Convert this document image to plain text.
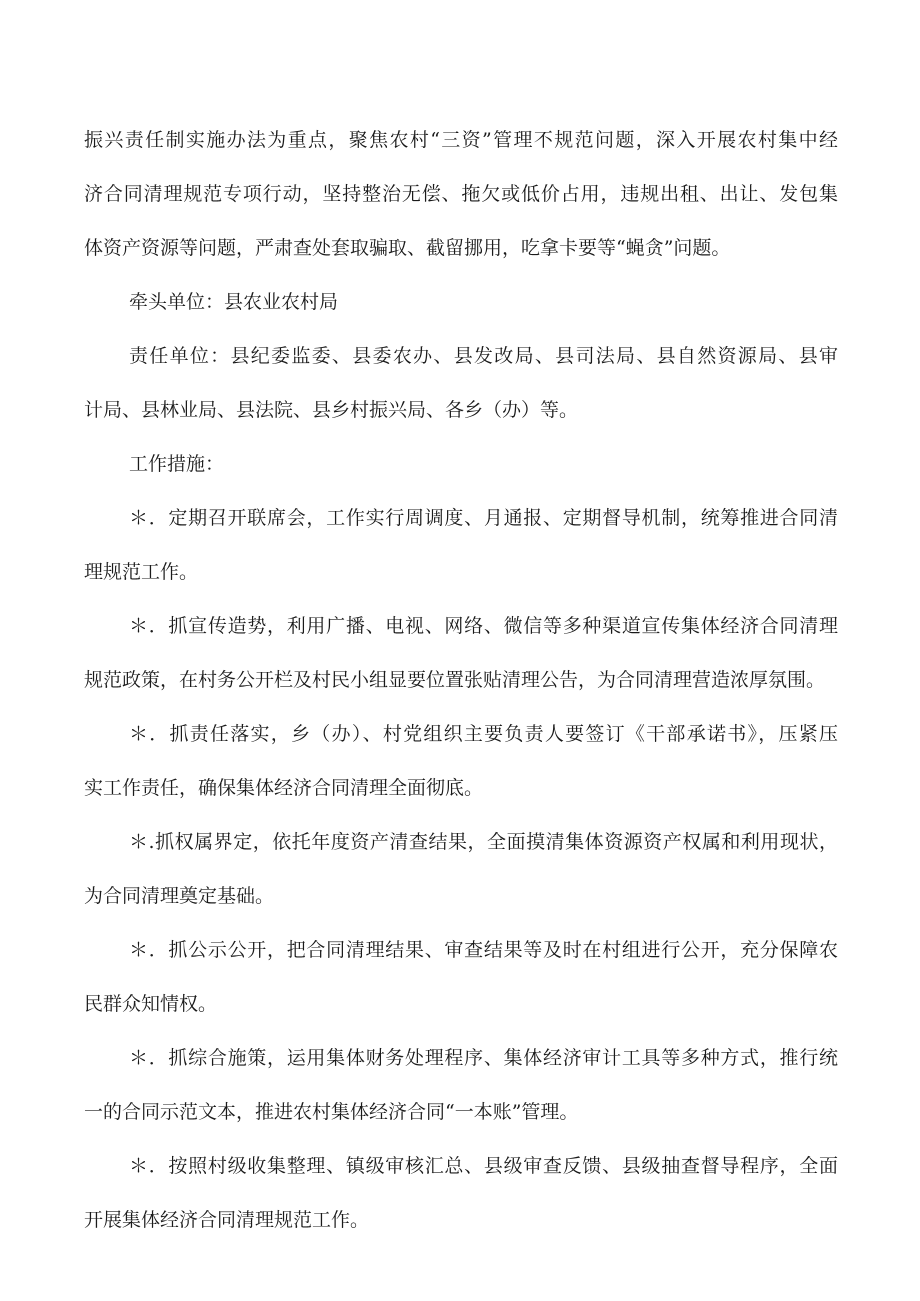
振兴责任制实施办法为重点，聚焦农村“三资”管理不规范问题，深入开展农村集中经
济合同清理规范专项行动，坚持整治无偿、拖欠或低价占用，违规出租、出让、发包集
体资产资源等问题，严肃查处套取骗取、截留挪用，吃拿卡要等“蝇贪”问题。
牵头单位：县农业农村局
责任单位：县纪委监委、县委农办、县发改局、县司法局、县自然资源局、县审
计局、县林业局、县法院、县乡村振兴局、各乡（办）等。
工作措施：
＊．定期召开联席会，工作实行周调度、月通报、定期督导机制，统筹推进合同清
理规范工作。
＊．抓宣传造势，利用广播、电视、网络、微信等多种渠道宣传集体经济合同清理
规范政策，在村务公开栏及村民小组显要位置张贴清理公告，为合同清理营造浓厚氛围。
＊．抓责任落实，乡（办）、村党组织主要负责人要签订《干部承诺书》，压紧压
实工作责任，确保集体经济合同清理全面彻底。
＊.抓权属界定，依托年度资产清查结果，全面摸清集体资源资产权属和利用现状，
为合同清理奠定基础。
＊．抓公示公开，把合同清理结果、审查结果等及时在村组进行公开，充分保障农
民群众知情权。
＊．抓综合施策，运用集体财务处理程序、集体经济审计工具等多种方式，推行统
一的合同示范文本，推进农村集体经济合同“一本账”管理。
＊．按照村级收集整理、镇级审核汇总、县级审查反馈、县级抽查督导程序，全面
开展集体经济合同清理规范工作。
